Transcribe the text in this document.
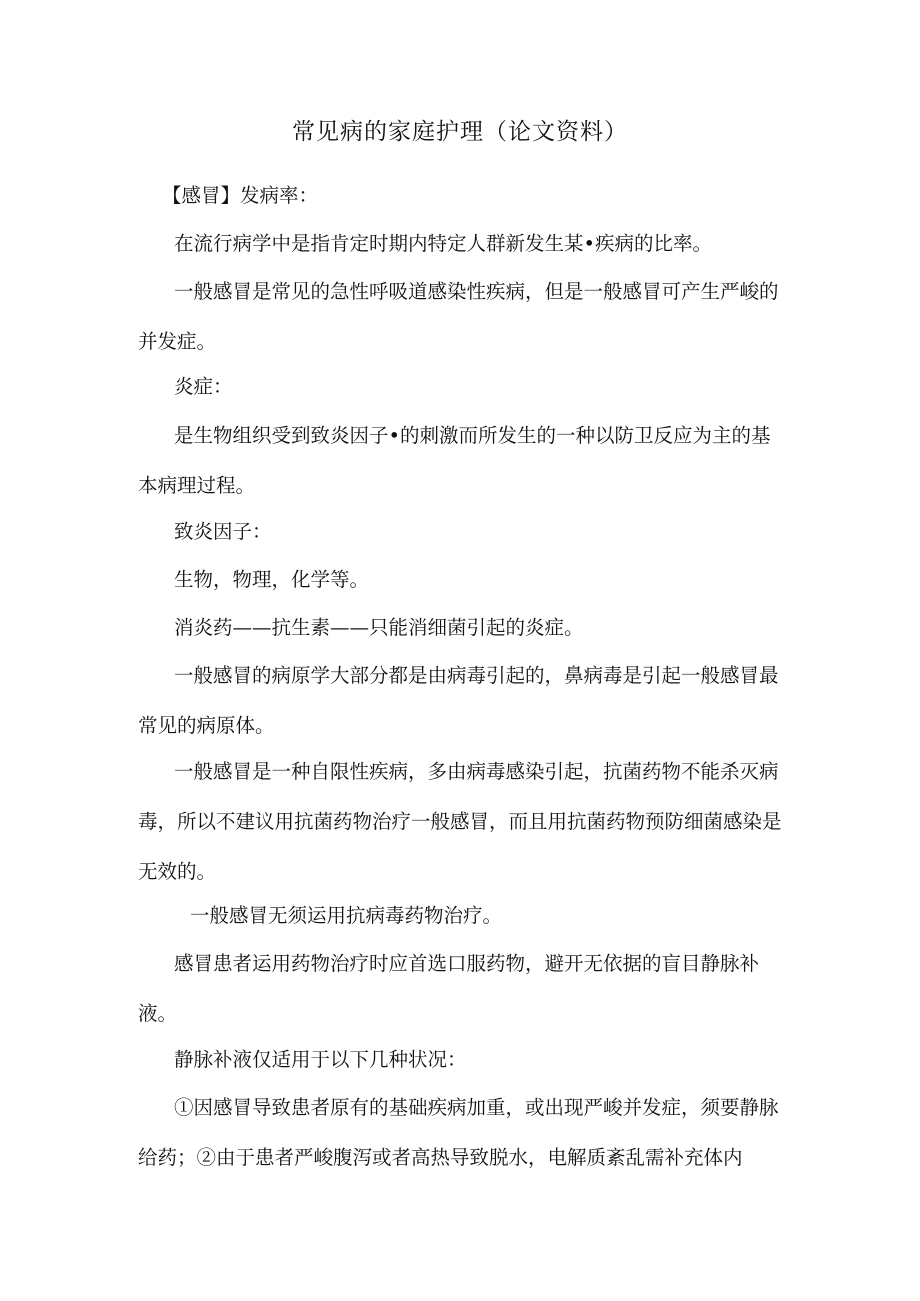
常见病的家庭护理（论文资料）

【感冒】发病率：

在流行病学中是指肯定时期内特定人群新发生某•疾病的比率。

一般感冒是常见的急性呼吸道感染性疾病，但是一般感冒可产生严峻的并发症。

炎症：

是生物组织受到致炎因子•的刺激而所发生的一种以防卫反应为主的基本病理过程。

致炎因子：

生物，物理，化学等。

消炎药——抗生素——只能消细菌引起的炎症。

一般感冒的病原学大部分都是由病毒引起的，鼻病毒是引起一般感冒最常见的病原体。

一般感冒是一种自限性疾病，多由病毒感染引起，抗菌药物不能杀灭病毒，所以不建议用抗菌药物治疗一般感冒，而且用抗菌药物预防细菌感染是无效的。

一般感冒无须运用抗病毒药物治疗。

感冒患者运用药物治疗时应首选口服药物，避开无依据的盲目静脉补液。

静脉补液仅适用于以下几种状况：

①因感冒导致患者原有的基础疾病加重，或出现严峻并发症，须要静脉给药；②由于患者严峻腹泻或者高热导致脱水，电解质紊乱需补充体内
